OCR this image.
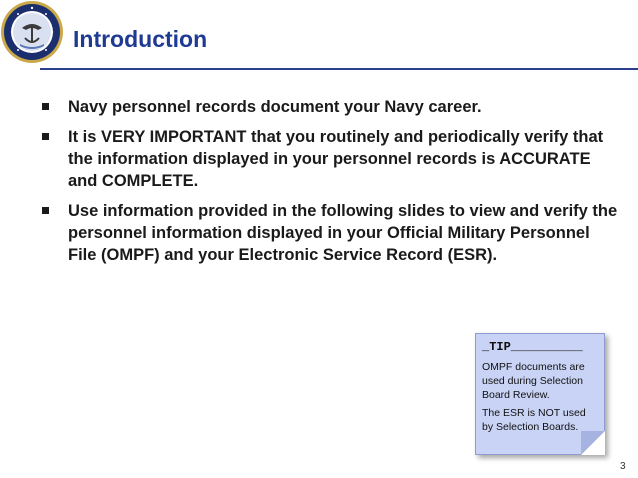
Introduction
Navy personnel records document your Navy career.
It is VERY IMPORTANT that you routinely and periodically verify that the information displayed in your personnel records is ACCURATE and COMPLETE.
Use information provided in the following slides to view and verify the personnel information displayed in your Official Military Personnel File (OMPF) and your Electronic Service Record (ESR).
_TIP__________

OMPF documents are used during Selection Board Review.

The ESR is NOT used by Selection Boards.

3
